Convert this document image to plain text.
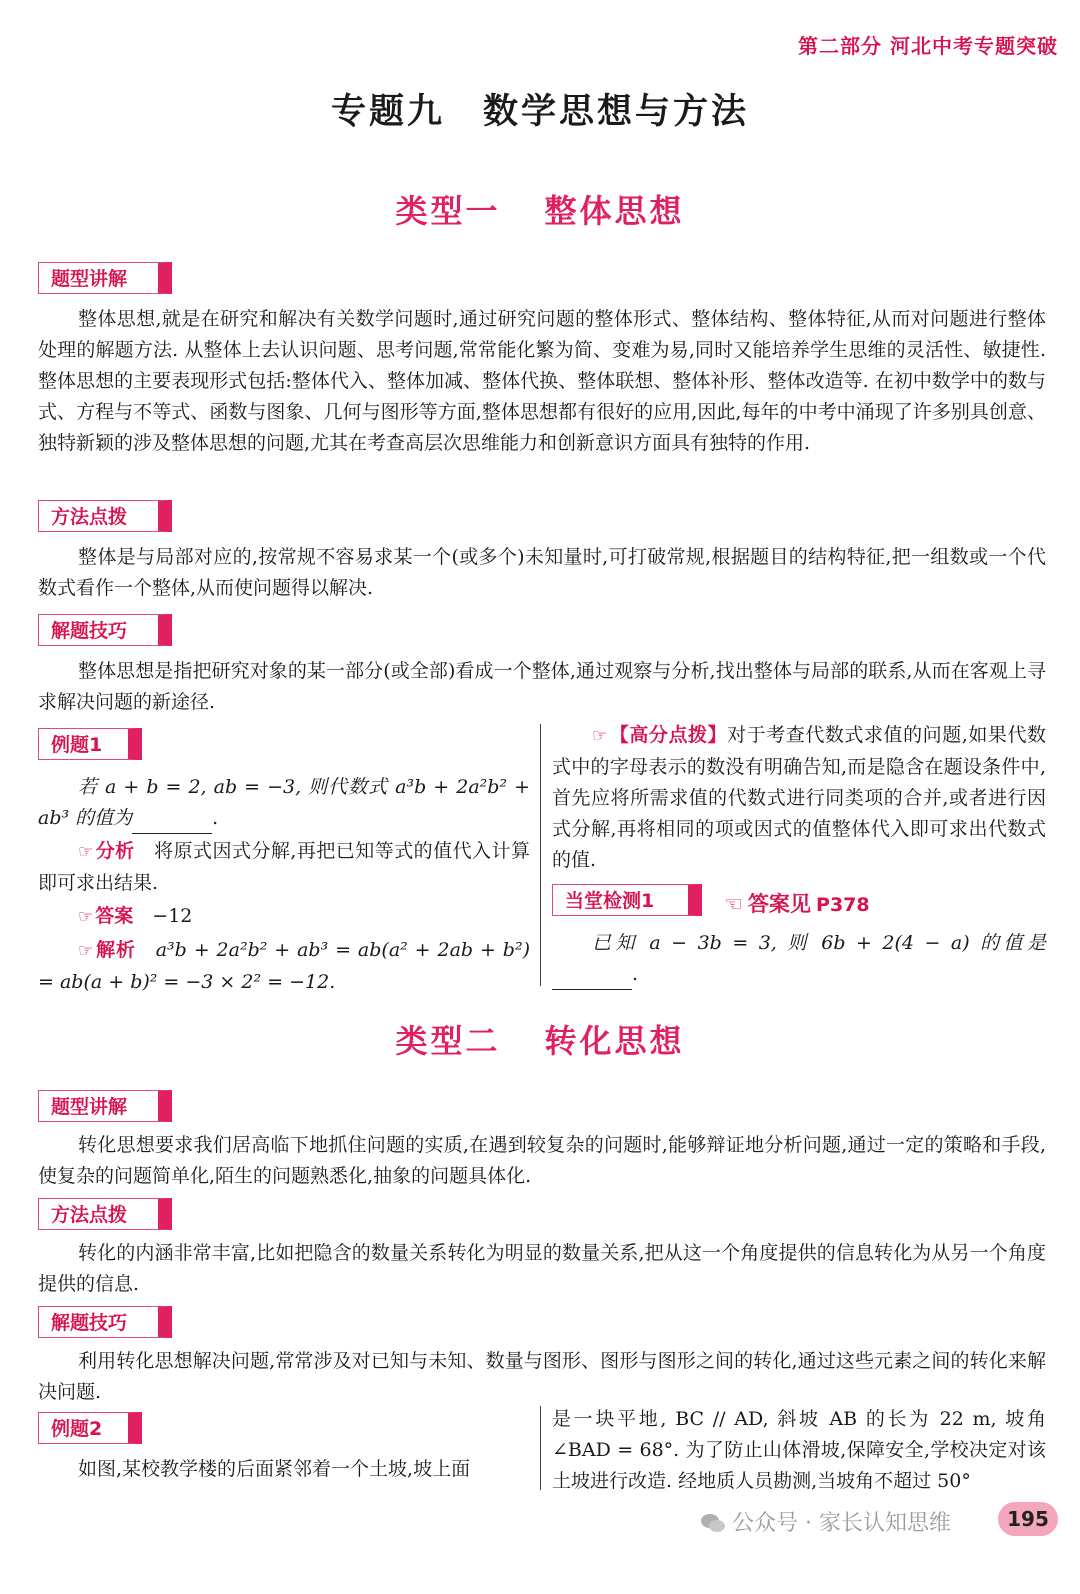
第二部分 河北中考专题突破
专题九　数学思想与方法
类型一 整体思想
题型讲解
整体思想,就是在研究和解决有关数学问题时,通过研究问题的整体形式、整体结构、整体特征,从而对问题进行整体处理的解题方法. 从整体上去认识问题、思考问题,常常能化繁为简、变难为易,同时又能培养学生思维的灵活性、敏捷性. 整体思想的主要表现形式包括:整体代入、整体加减、整体代换、整体联想、整体补形、整体改造等. 在初中数学中的数与式、方程与不等式、函数与图象、几何与图形等方面,整体思想都有很好的应用,因此,每年的中考中涌现了许多别具创意、独特新颖的涉及整体思想的问题,尤其在考查高层次思维能力和创新意识方面具有独特的作用.
方法点拨
整体是与局部对应的,按常规不容易求某一个(或多个)未知量时,可打破常规,根据题目的结构特征,把一组数或一个代数式看作一个整体,从而使问题得以解决.
解题技巧
整体思想是指把研究对象的某一部分(或全部)看成一个整体,通过观察与分析,找出整体与局部的联系,从而在客观上寻求解决问题的新途径.
例题1
若 a + b = 2, ab = −3, 则代数式 a³b + 2a²b² + ab³ 的值为	.
☞ 分析　 将原式因式分解,再把已知等式的值代入计算即可求出结果.
☞ 答案　 −12
☞ 解析　 a³b + 2a²b² + ab³ = ab(a² + 2ab + b²) = ab(a + b)² = −3 × 2² = −12.
☞ 【高分点拨】对于考查代数式求值的问题,如果代数式中的字母表示的数没有明确告知,而是隐含在题设条件中,首先应将所需求值的代数式进行同类项的合并,或者进行因式分解,再将相同的项或因式的值整体代入即可求出代数式的值.
当堂检测1	☜ 答案见 P378
已知 a − 3b = 3, 则 6b + 2(4 − a) 的值是.
类型二 转化思想
题型讲解
转化思想要求我们居高临下地抓住问题的实质,在遇到较复杂的问题时,能够辩证地分析问题,通过一定的策略和手段,使复杂的问题简单化,陌生的问题熟悉化,抽象的问题具体化.
方法点拨
转化的内涵非常丰富,比如把隐含的数量关系转化为明显的数量关系,把从这一个角度提供的信息转化为从另一个角度提供的信息.
解题技巧
利用转化思想解决问题,常常涉及对已知与未知、数量与图形、图形与图形之间的转化,通过这些元素之间的转化来解决问题.
例题2
如图,某校教学楼的后面紧邻着一个土坡,坡上面
是一块平地, BC // AD, 斜坡 AB 的长为 22 m, 坡角 ∠BAD = 68°. 为了防止山体滑坡,保障安全,学校决定对该土坡进行改造. 经地质人员勘测,当坡角不超过 50°
公众号 · 家长认知思维	195
